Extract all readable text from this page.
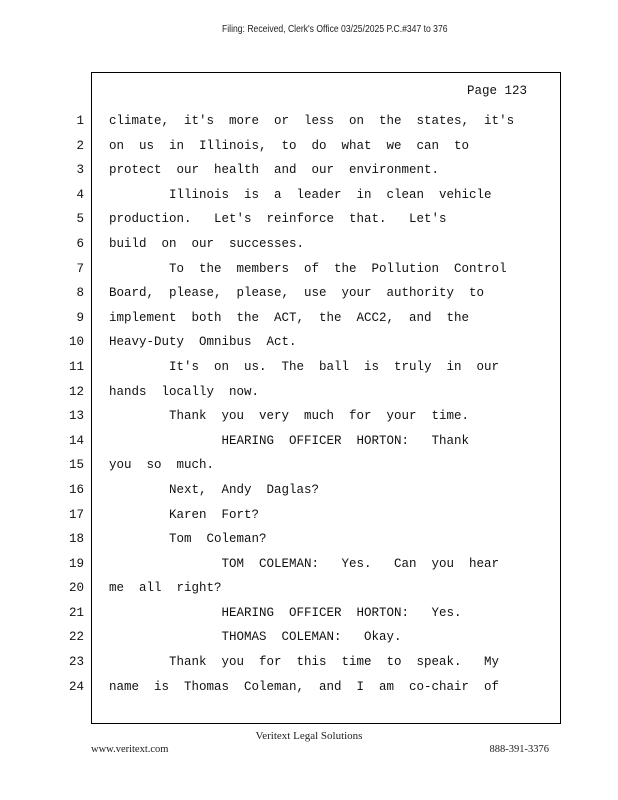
Filing: Received, Clerk's Office 03/25/2025 P.C.#347 to 376
Page 123
1
2
3
4
5
6
7
8
9
10
11
12
13
14
15
16
17
18
19
20
21
22
23
24
climate,  it's  more  or  less  on  the  states,  it's
on  us  in  Illinois,  to  do  what  we  can  to
protect  our  health  and  our  environment.
Illinois  is  a  leader  in  clean  vehicle
production.   Let's  reinforce  that.   Let's
build  on  our  successes.
To  the  members  of  the  Pollution  Control
Board,  please,  please,  use  your  authority  to
implement  both  the  ACT,  the  ACC2,  and  the
Heavy-Duty  Omnibus  Act.
It's  on  us.  The  ball  is  truly  in  our
hands  locally  now.
Thank  you  very  much  for  your  time.
HEARING  OFFICER  HORTON:   Thank
you  so  much.
Next,  Andy  Daglas?
Karen  Fort?
Tom  Coleman?
TOM  COLEMAN:   Yes.   Can  you  hear
me  all  right?
HEARING  OFFICER  HORTON:   Yes.
THOMAS  COLEMAN:   Okay.
Thank  you  for  this  time  to  speak.   My
name  is  Thomas  Coleman,  and  I  am  co-chair  of
Veritext Legal Solutions
www.veritext.com	888-391-3376
